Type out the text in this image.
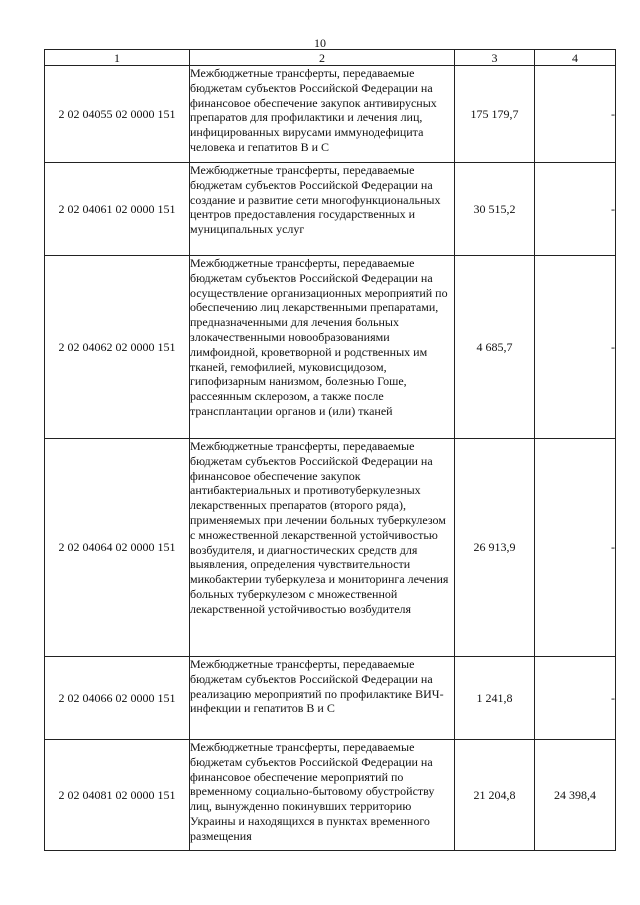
10
1	2	3	4
2 02 04055 02 0000 151	Межбюджетные трансферты, передаваемые бюджетам субъектов Российской Федерации на финансовое обеспечение закупок антивирусных препаратов для профилактики и лечения лиц, инфицированных вирусами иммунодефицита человека и гепатитов В и С	175 179,7	-
2 02 04061 02 0000 151	Межбюджетные трансферты, передаваемые бюджетам субъектов Российской Федерации на создание и развитие сети многофункциональных центров предоставления государственных и муниципальных услуг	30 515,2	-
2 02 04062 02 0000 151	Межбюджетные трансферты, передаваемые бюджетам субъектов Российской Федерации на осуществление организационных мероприятий по обеспечению лиц лекарственными препаратами, предназначенными для лечения больных злокачественными новообразованиями лимфоидной, кроветворной и родственных им тканей, гемофилией, муковисцидозом, гипофизарным нанизмом, болезнью Гоше, рассеянным склерозом, а также после трансплантации органов и (или) тканей	4 685,7	-
2 02 04064 02 0000 151	Межбюджетные трансферты, передаваемые бюджетам субъектов Российской Федерации на финансовое обеспечение закупок антибактериальных и противотуберкулезных лекарственных препаратов (второго ряда), применяемых при лечении больных туберкулезом с множественной лекарственной устойчивостью возбудителя, и диагностических средств для выявления, определения чувствительности микобактерии туберкулеза и мониторинга лечения больных туберкулезом с множественной лекарственной устойчивостью возбудителя	26 913,9	-
2 02 04066 02 0000 151	Межбюджетные трансферты, передаваемые бюджетам субъектов Российской Федерации на реализацию мероприятий по профилактике ВИЧ-инфекции и гепатитов В и С	1 241,8	-
2 02 04081 02 0000 151	Межбюджетные трансферты, передаваемые бюджетам субъектов Российской Федерации на финансовое обеспечение мероприятий по временному социально-бытовому обустройству лиц, вынужденно покинувших территорию Украины и находящихся в пунктах временного размещения	21 204,8	24 398,4
